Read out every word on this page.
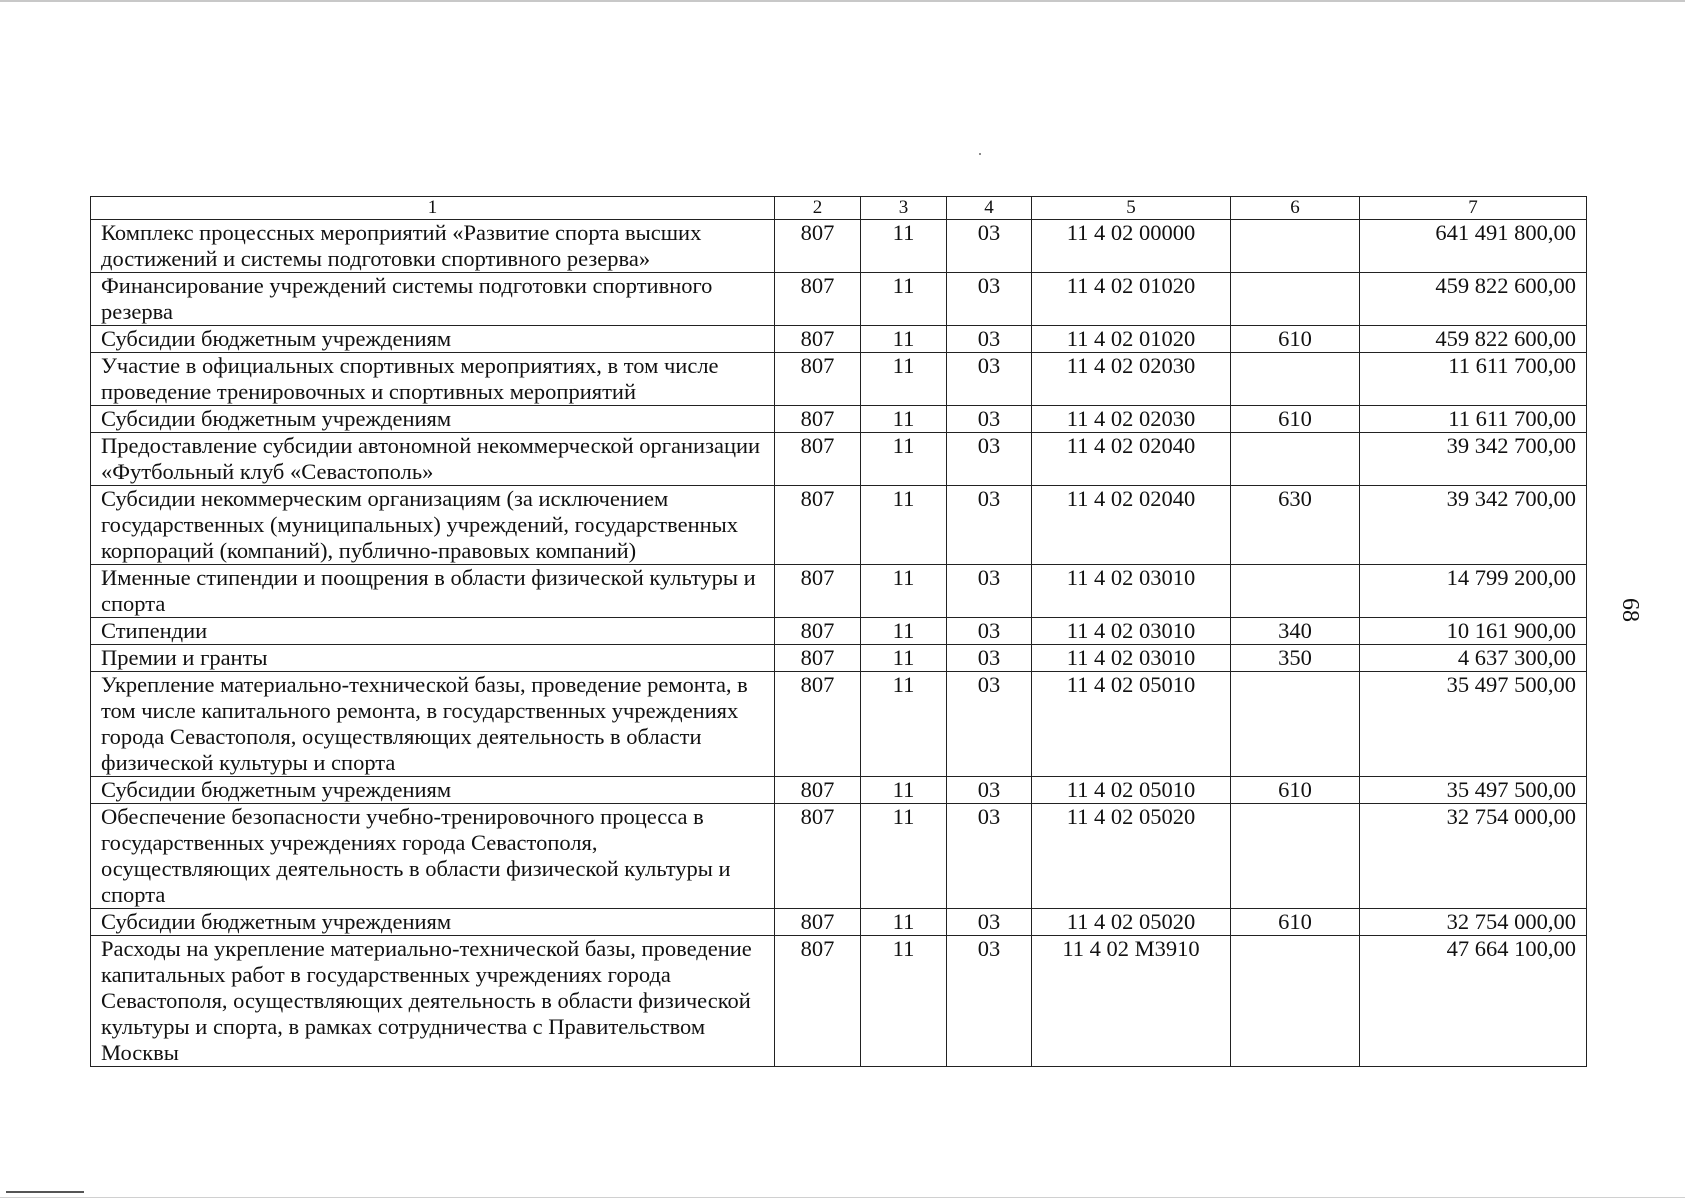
1	2	3	4	5	6	7
Комплекс процессных мероприятий «Развитие спорта высших достижений и системы подготовки спортивного резерва»	807	11	03	11 4 02 00000		641 491 800,00
Финансирование учреждений системы подготовки спортивного резерва	807	11	03	11 4 02 01020		459 822 600,00
Субсидии бюджетным учреждениям	807	11	03	11 4 02 01020	610	459 822 600,00
Участие в официальных спортивных мероприятиях, в том числе проведение тренировочных и спортивных мероприятий	807	11	03	11 4 02 02030		11 611 700,00
Субсидии бюджетным учреждениям	807	11	03	11 4 02 02030	610	11 611 700,00
Предоставление субсидии автономной некоммерческой организации «Футбольный клуб «Севастополь»	807	11	03	11 4 02 02040		39 342 700,00
Субсидии некоммерческим организациям (за исключением государственных (муниципальных) учреждений, государственных корпораций (компаний), публично-правовых компаний)	807	11	03	11 4 02 02040	630	39 342 700,00
Именные стипендии и поощрения в области физической культуры и спорта	807	11	03	11 4 02 03010		14 799 200,00
Стипендии	807	11	03	11 4 02 03010	340	10 161 900,00
Премии и гранты	807	11	03	11 4 02 03010	350	4 637 300,00
Укрепление материально-технической базы, проведение ремонта, в том числе капитального ремонта, в государственных учреждениях города Севастополя, осуществляющих деятельность в области физической культуры и спорта	807	11	03	11 4 02 05010		35 497 500,00
Субсидии бюджетным учреждениям	807	11	03	11 4 02 05010	610	35 497 500,00
Обеспечение безопасности учебно-тренировочного процесса в государственных учреждениях города Севастополя, осуществляющих деятельность в области физической культуры и спорта	807	11	03	11 4 02 05020		32 754 000,00
Субсидии бюджетным учреждениям	807	11	03	11 4 02 05020	610	32 754 000,00
Расходы на укрепление материально-технической базы, проведение капитальных работ в государственных учреждениях города Севастополя, осуществляющих деятельность в области физической культуры и спорта, в рамках сотрудничества с Правительством Москвы	807	11	03	11 4 02 M3910		47 664 100,00
68
